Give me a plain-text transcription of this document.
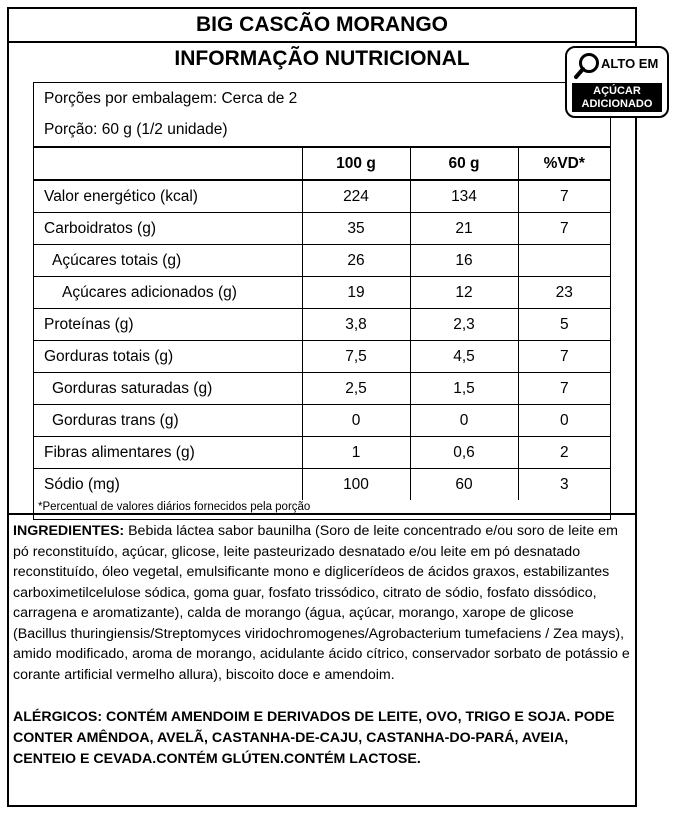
BIG CASCÃO MORANGO
INFORMAÇÃO NUTRICIONAL
Porções por embalagem: Cerca de 2
Porção: 60 g (1/2 unidade)
	100 g	60 g	%VD*
Valor energético (kcal)	224	134	7
Carboidratos (g)	35	21	7
Açúcares totais (g)	26	16	
Açúcares adicionados (g)	19	12	23
Proteínas (g)	3,8	2,3	5
Gorduras totais (g)	7,5	4,5	7
Gorduras saturadas (g)	2,5	1,5	7
Gorduras trans (g)	0	0	0
Fibras alimentares (g)	1	0,6	2
Sódio (mg)	100	60	3
*Percentual de valores diários fornecidos pela porção
INGREDIENTES: Bebida láctea sabor baunilha (Soro de leite concentrado e/ou soro de leite em pó reconstituído, açúcar, glicose, leite pasteurizado desnatado e/ou leite em pó desnatado reconstituído, óleo vegetal, emulsificante mono e diglicerídeos de ácidos graxos, estabilizantes carboximetilcelulose sódica, goma guar, fosfato trissódico, citrato de sódio, fosfato dissódico, carragena e aromatizante), calda de morango (água, açúcar, morango, xarope de glicose (Bacillus thuringiensis/Streptomyces viridochromogenes/Agrobacterium tumefaciens / Zea mays), amido modificado, aroma de morango, acidulante ácido cítrico, conservador sorbato de potássio e corante artificial vermelho allura), biscoito doce e amendoim.
ALÉRGICOS: CONTÉM AMENDOIM E DERIVADOS DE LEITE, OVO, TRIGO E SOJA. PODE CONTER AMÊNDOA, AVELÃ, CASTANHA-DE-CAJU, CASTANHA-DO-PARÁ, AVEIA, CENTEIO E CEVADA.CONTÉM GLÚTEN.CONTÉM LACTOSE.
ALTO EM
AÇÚCAR
ADICIONADO
